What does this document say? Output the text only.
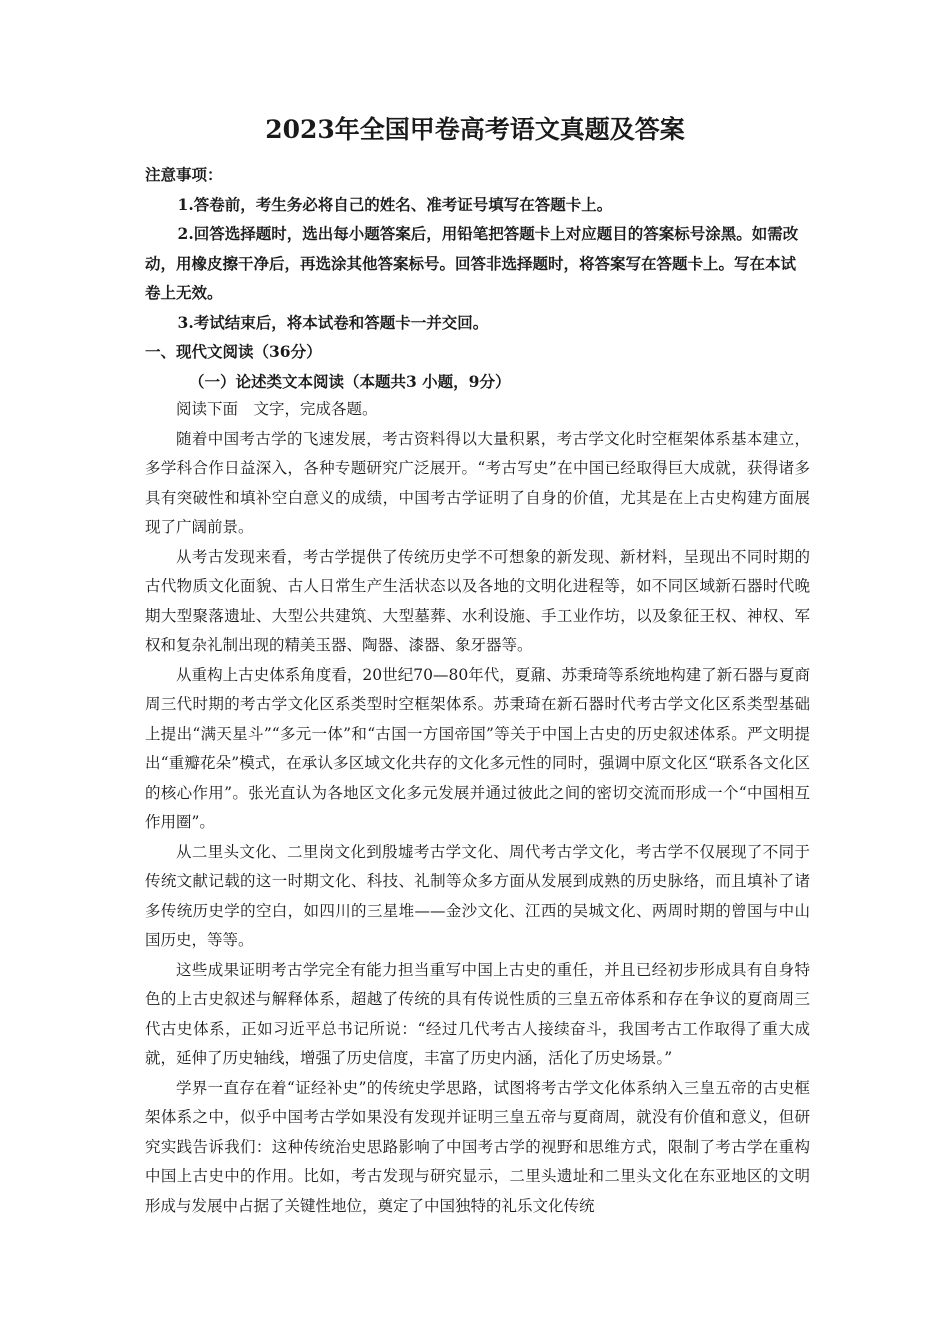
2023年全国甲卷高考语文真题及答案

注意事项：

1.答卷前，考生务必将自己的姓名、准考证号填写在答题卡上。

2.回答选择题时，选出每小题答案后，用铅笔把答题卡上对应题目的答案标号涂黑。如需改动，用橡皮擦干净后，再选涂其他答案标号。回答非选择题时，将答案写在答题卡上。写在本试卷上无效。

3.考试结束后，将本试卷和答题卡一并交回。

一、现代文阅读（36分）

（一）论述类文本阅读（本题共3 小题，9分）

阅读下面　文字，完成各题。

随着中国考古学的飞速发展，考古资料得以大量积累，考古学文化时空框架体系基本建立，多学科合作日益深入，各种专题研究广泛展开。“考古写史”在中国已经取得巨大成就，获得诸多具有突破性和填补空白意义的成绩，中国考古学证明了自身的价值，尤其是在上古史构建方面展现了广阔前景。

从考古发现来看，考古学提供了传统历史学不可想象的新发现、新材料，呈现出不同时期的古代物质文化面貌、古人日常生产生活状态以及各地的文明化进程等，如不同区域新石器时代晚期大型聚落遗址、大型公共建筑、大型墓葬、水利设施、手工业作坊，以及象征王权、神权、军权和复杂礼制出现的精美玉器、陶器、漆器、象牙器等。

从重构上古史体系角度看，20世纪70—80年代，夏鼐、苏秉琦等系统地构建了新石器与夏商周三代时期的考古学文化区系类型时空框架体系。苏秉琦在新石器时代考古学文化区系类型基础上提出“满天星斗”“多元一体”和“古国一方国帝国”等关于中国上古史的历史叙述体系。严文明提出“重瓣花朵”模式，在承认多区域文化共存的文化多元性的同时，强调中原文化区“联系各文化区的核心作用”。张光直认为各地区文化多元发展并通过彼此之间的密切交流而形成一个“中国相互作用圈”。

从二里头文化、二里岗文化到殷墟考古学文化、周代考古学文化，考古学不仅展现了不同于传统文献记载的这一时期文化、科技、礼制等众多方面从发展到成熟的历史脉络，而且填补了诸多传统历史学的空白，如四川的三星堆——金沙文化、江西的吴城文化、两周时期的曾国与中山国历史，等等。

这些成果证明考古学完全有能力担当重写中国上古史的重任，并且已经初步形成具有自身特色的上古史叙述与解释体系，超越了传统的具有传说性质的三皇五帝体系和存在争议的夏商周三代古史体系，正如习近平总书记所说：“经过几代考古人接续奋斗，我国考古工作取得了重大成就，延伸了历史轴线，增强了历史信度，丰富了历史内涵，活化了历史场景。”

学界一直存在着“证经补史”的传统史学思路，试图将考古学文化体系纳入三皇五帝的古史框架体系之中，似乎中国考古学如果没有发现并证明三皇五帝与夏商周，就没有价值和意义，但研究实践告诉我们：这种传统治史思路影响了中国考古学的视野和思维方式，限制了考古学在重构中国上古史中的作用。比如，考古发现与研究显示，二里头遗址和二里头文化在东亚地区的文明形成与发展中占据了关键性地位，奠定了中国独特的礼乐文化传统
